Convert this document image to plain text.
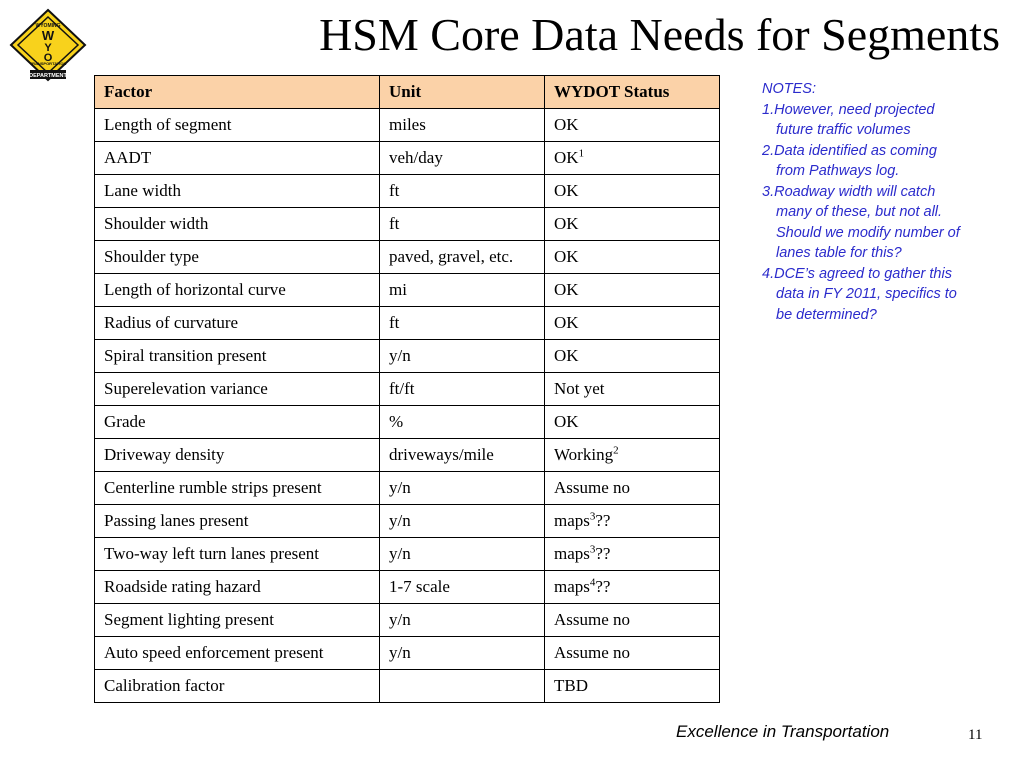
DEPARTMENT
WYOMING
TRANSPORTATION
W
Y
O	HSM Core Data Needs for Segments
Factor	Unit	WYDOT Status
Length of segment	miles	OK
AADT	veh/day	$OK^1$
Lane width	ft	OK
Shoulder width	ft	OK
Shoulder type	paved, gravel, etc.	OK
Length of horizontal curve	mi	OK
Radius of curvature	ft	OK
Spiral transition present	y/n	OK
Superelevation variance	ft/ft	Not yet
Grade	%	OK
Driveway density	driveways/mile	Working$^2$
Centerline rumble strips present	y/n	Assume no
Passing lanes present	y/n	maps$^3$??
Two-way left turn lanes present	y/n	maps$^3$??
Roadside rating hazard	1-7 scale	maps$^4$??
Segment lighting present	y/n	Assume no
Auto speed enforcement present	y/n	Assume no
Calibration factor		TBD
NOTES:
1.However, need projected future traffic volumes
2.Data identified as coming from Pathways log.
3.Roadway width will catch many of these, but not all. Should we modify number of lanes table for this?
4.DCE’s agreed to gather this data in FY 2011, specifics to be determined?
Excellence in Transportation	11
